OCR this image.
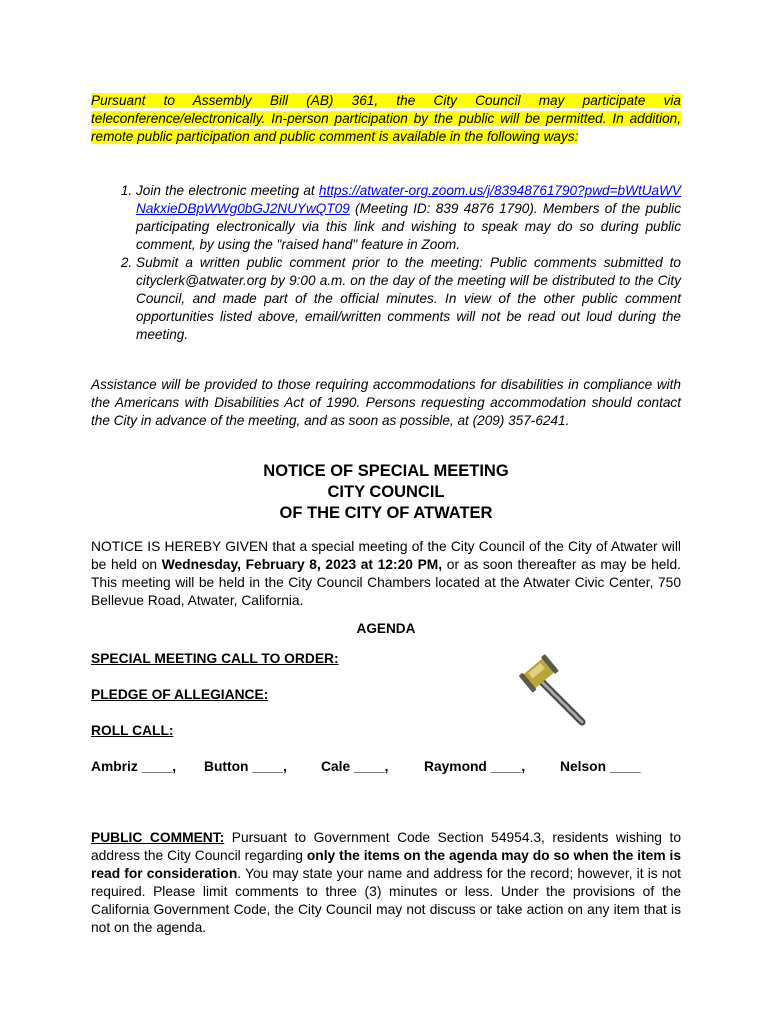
Pursuant to Assembly Bill (AB) 361, the City Council may participate via teleconference/electronically. In-person participation by the public will be permitted. In addition, remote public participation and public comment is available in the following ways:
1. Join the electronic meeting at https://atwater-org.zoom.us/j/83948761790?pwd=bWtUaWVNakxieDBpWWg0bGJ2NUYwQT09 (Meeting ID: 839 4876 1790). Members of the public participating electronically via this link and wishing to speak may do so during public comment, by using the "raised hand" feature in Zoom.
2. Submit a written public comment prior to the meeting: Public comments submitted to cityclerk@atwater.org by 9:00 a.m. on the day of the meeting will be distributed to the City Council, and made part of the official minutes. In view of the other public comment opportunities listed above, email/written comments will not be read out loud during the meeting.
Assistance will be provided to those requiring accommodations for disabilities in compliance with the Americans with Disabilities Act of 1990. Persons requesting accommodation should contact the City in advance of the meeting, and as soon as possible, at (209) 357-6241.
NOTICE OF SPECIAL MEETING
CITY COUNCIL
OF THE CITY OF ATWATER
NOTICE IS HEREBY GIVEN that a special meeting of the City Council of the City of Atwater will be held on Wednesday, February 8, 2023 at 12:20 PM, or as soon thereafter as may be held. This meeting will be held in the City Council Chambers located at the Atwater Civic Center, 750 Bellevue Road, Atwater, California.
AGENDA
SPECIAL MEETING CALL TO ORDER:
PLEDGE OF ALLEGIANCE:
ROLL CALL:
Ambriz ____, Button ____, Cale ____,	Raymond ____,	Nelson ____
PUBLIC COMMENT: Pursuant to Government Code Section 54954.3, residents wishing to address the City Council regarding only the items on the agenda may do so when the item is read for consideration. You may state your name and address for the record; however, it is not required. Please limit comments to three (3) minutes or less. Under the provisions of the California Government Code, the City Council may not discuss or take action on any item that is not on the agenda.
